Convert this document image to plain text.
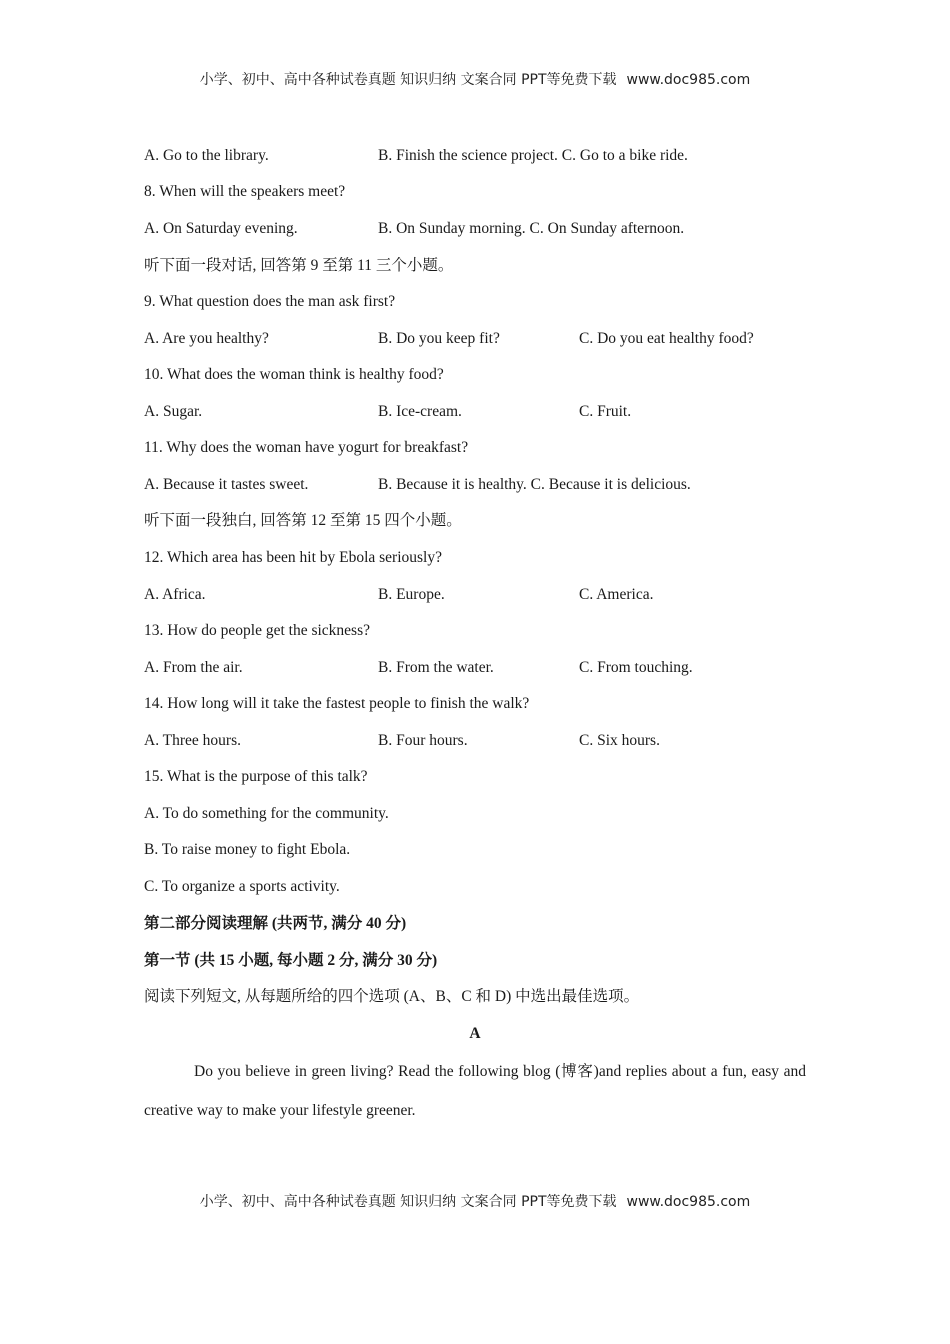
小学、初中、高中各种试卷真题 知识归纳 文案合同 PPT等免费下载 www.doc985.com
A. Go to the library.	B. Finish the science project. C. Go to a bike ride.
8. When will the speakers meet?
A. On Saturday evening.	B. On Sunday morning. C. On Sunday afternoon.
听下面一段对话, 回答第 9 至第 11 三个小题。
9. What question does the man ask first?
A. Are you healthy?	B. Do you keep fit?	C. Do you eat healthy food?
10. What does the woman think is healthy food?
A. Sugar.	B. Ice-cream.	C. Fruit.
11. Why does the woman have yogurt for breakfast?
A. Because it tastes sweet.	B. Because it is healthy. C. Because it is delicious.
听下面一段独白, 回答第 12 至第 15 四个小题。
12. Which area has been hit by Ebola seriously?
A. Africa.	B. Europe.	C. America.
13. How do people get the sickness?
A. From the air.	B. From the water.	C. From touching.
14. How long will it take the fastest people to finish the walk?
A. Three hours.	B. Four hours.	C. Six hours.
15. What is the purpose of this talk?
A. To do something for the community.
B. To raise money to fight Ebola.
C. To organize a sports activity.
第二部分阅读理解 (共两节, 满分 40 分)
第一节 (共 15 小题, 每小题 2 分, 满分 30 分)
阅读下列短文, 从每题所给的四个选项 (A、B、C 和 D) 中选出最佳选项。
A
Do you believe in green living? Read the following blog (博客)and replies about a fun, easy and creative way to make your lifestyle greener.
小学、初中、高中各种试卷真题 知识归纳 文案合同 PPT等免费下载 www.doc985.com
